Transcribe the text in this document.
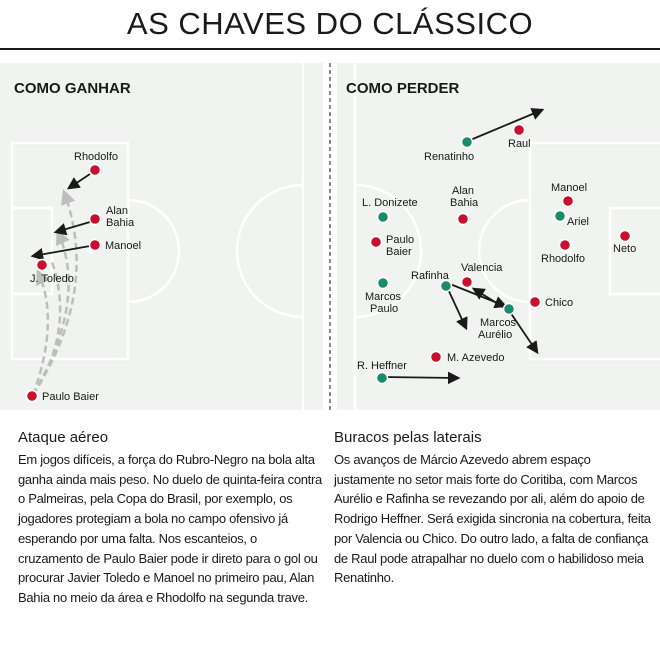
AS CHAVES DO CLÁSSICO
COMO GANHAR	COMO PERDER
Rhodolfo
Alan Bahia
Manoel
J. Toledo
Paulo Baier
Renatinho
Raul
L. Donizete
Alan Bahia
Manoel
Ariel
Paulo Baier
Rhodolfo
Neto
Rafinha
Valencia
Marcos Paulo
Marcos Aurélio
Chico
M. Azevedo
R. Heffner
Ataque aéreo

Em jogos difíceis, a força do Rubro-Negro na bola alta ganha ainda mais peso. No duelo de quinta-feira contra o Palmeiras, pela Copa do Brasil, por exemplo, os jogadores protegiam a bola no campo ofensivo já esperando por uma falta. Nos escanteios, o cruzamento de Paulo Baier pode ir direto para o gol ou procurar Javier Toledo e Manoel no primeiro pau, Alan Bahia no meio da área e Rhodolfo na segunda trave.

Buracos pelas laterais

Os avanços de Márcio Azevedo abrem espaço justamente no setor mais forte do Coritiba, com Marcos Aurélio e Rafinha se revezando por ali, além do apoio de Rodrigo Heffner. Será exigida sincronia na cobertura, feita por Valencia ou Chico. Do outro lado, a falta de confiança de Raul pode atrapalhar no duelo com o habilidoso meia Renatinho.
